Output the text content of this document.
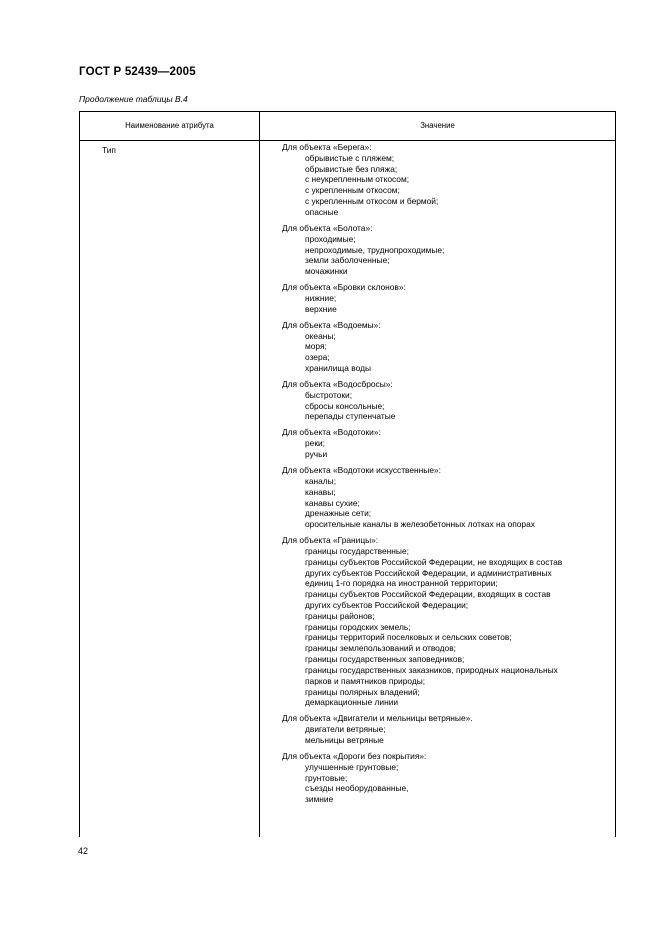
ГОСТ Р 52439—2005
Продолжение таблицы В.4
Наименование атрибута	Значение
Тип	Для объекта «Берега»:
обрывистые с пляжем;
обрывистые без пляжа;
с неукрепленным откосом;
с укрепленным откосом;
с укрепленным откосом и бермой;
опасные
Для объекта «Болота»:
проходимые;
непроходимые, труднопроходимые;
земли заболоченные;
мочажинки
Для объекта «Бровки склонов»:
нижние;
верхние
Для объекта «Водоемы»:
океаны;
моря;
озера;
хранилища воды
Для объекта «Водосбросы»:
быстротоки;
сбросы консольные;
перепады ступенчатые
Для объекта «Водотоки»:
реки;
ручьи
Для объекта «Водотоки искусственные»:
каналы;
канавы;
канавы сухие;
дренажные сети;
оросительные каналы в железобетонных лотках на опорах
Для объекта «Границы»:
границы государственные;
границы субъектов Российской Федерации, не входящих в состав
других субъектов Российской Федерации, и административных
единиц 1-го порядка на иностранной территории;
границы субъектов Российской Федерации, входящих в состав
других субъектов Российской Федерации;
границы районов;
границы городских земель;
границы территорий поселковых и сельских советов;
границы землепользований и отводов;
границы государственных заповедников;
границы государственных заказников, природных национальных
парков и памятников природы;
границы полярных владений;
демаркационные линии
Для объекта «Двигатели и мельницы ветряные».
двигатели ветряные;
мельницы ветряные
Для объекта «Дороги без покрытия»:
улучшенные грунтовые;
грунтовые;
съезды необорудованные,
зимние
42
